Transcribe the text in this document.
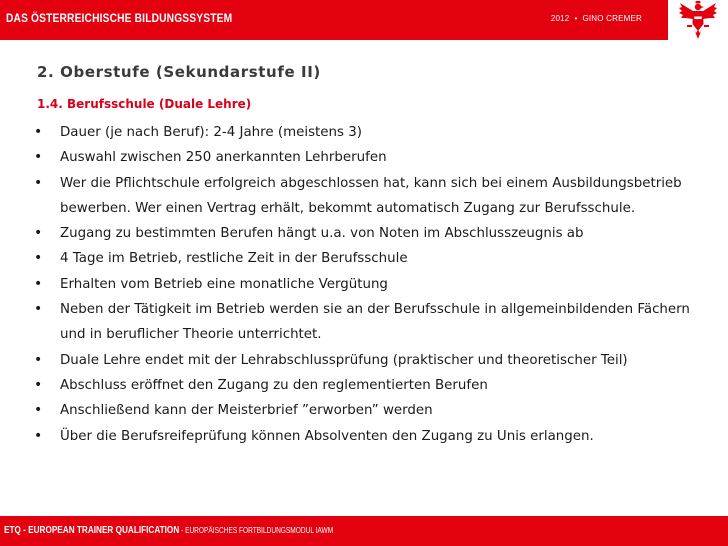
DAS ÖSTERREICHISCHE BILDUNGSSYSTEM	2012 • GINO CREMER
2. Oberstufe (Sekundarstufe II)
1.4. Berufsschule (Duale Lehre)
• Dauer (je nach Beruf): 2-4 Jahre (meistens 3)
• Auswahl zwischen 250 anerkannten Lehrberufen
• Wer die Pflichtschule erfolgreich abgeschlossen hat, kann sich bei einem Ausbildungsbetrieb bewerben. Wer einen Vertrag erhält, bekommt automatisch Zugang zur Berufsschule.
• Zugang zu bestimmten Berufen hängt u.a. von Noten im Abschlusszeugnis ab
• 4 Tage im Betrieb, restliche Zeit in der Berufsschule
• Erhalten vom Betrieb eine monatliche Vergütung
• Neben der Tätigkeit im Betrieb werden sie an der Berufsschule in allgemeinbildenden Fächern und in beruflicher Theorie unterrichtet.
• Duale Lehre endet mit der Lehrabschlussprüfung (praktischer und theoretischer Teil)
• Abschluss eröffnet den Zugang zu den reglementierten Berufen
• Anschließend kann der Meisterbrief ”erworben” werden
• Über die Berufsreifeprüfung können Absolventen den Zugang zu Unis erlangen.
ETQ - EUROPEAN TRAINER QUALIFICATION - EUROPÄISCHES FORTBILDUNGSMODUL IAWM
